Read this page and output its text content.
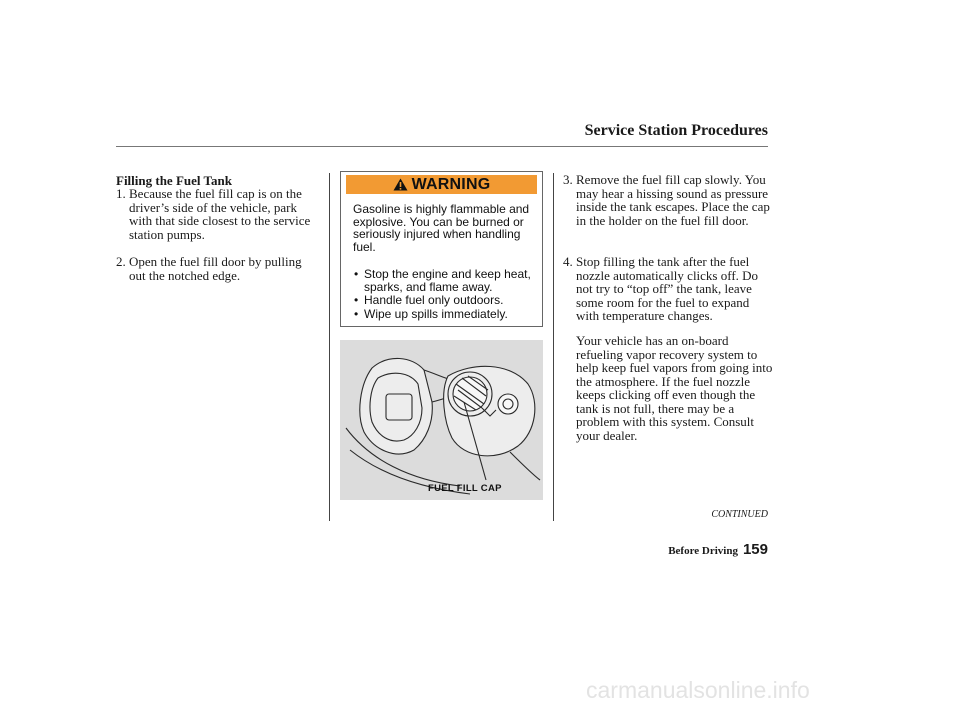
Service Station Procedures
Filling the Fuel Tank
1. Because the fuel fill cap is on the driver’s side of the vehicle, park with that side closest to the service station pumps.
2. Open the fuel fill door by pulling out the notched edge.
WARNING
Gasoline is highly flammable and explosive. You can be burned or seriously injured when handling fuel.
• Stop the engine and keep heat, sparks, and flame away.
• Handle fuel only outdoors.
• Wipe up spills immediately.
FUEL FILL CAP
3. Remove the fuel fill cap slowly. You may hear a hissing sound as pressure inside the tank escapes. Place the cap in the holder on the fuel fill door.
4. Stop filling the tank after the fuel nozzle automatically clicks off. Do not try to “top off” the tank, leave some room for the fuel to expand with temperature changes.
Your vehicle has an on-board refueling vapor recovery system to help keep fuel vapors from going into the atmosphere. If the fuel nozzle keeps clicking off even though the tank is not full, there may be a problem with this system. Consult your dealer.
CONTINUED
Before Driving 159
carmanualsonline.info
